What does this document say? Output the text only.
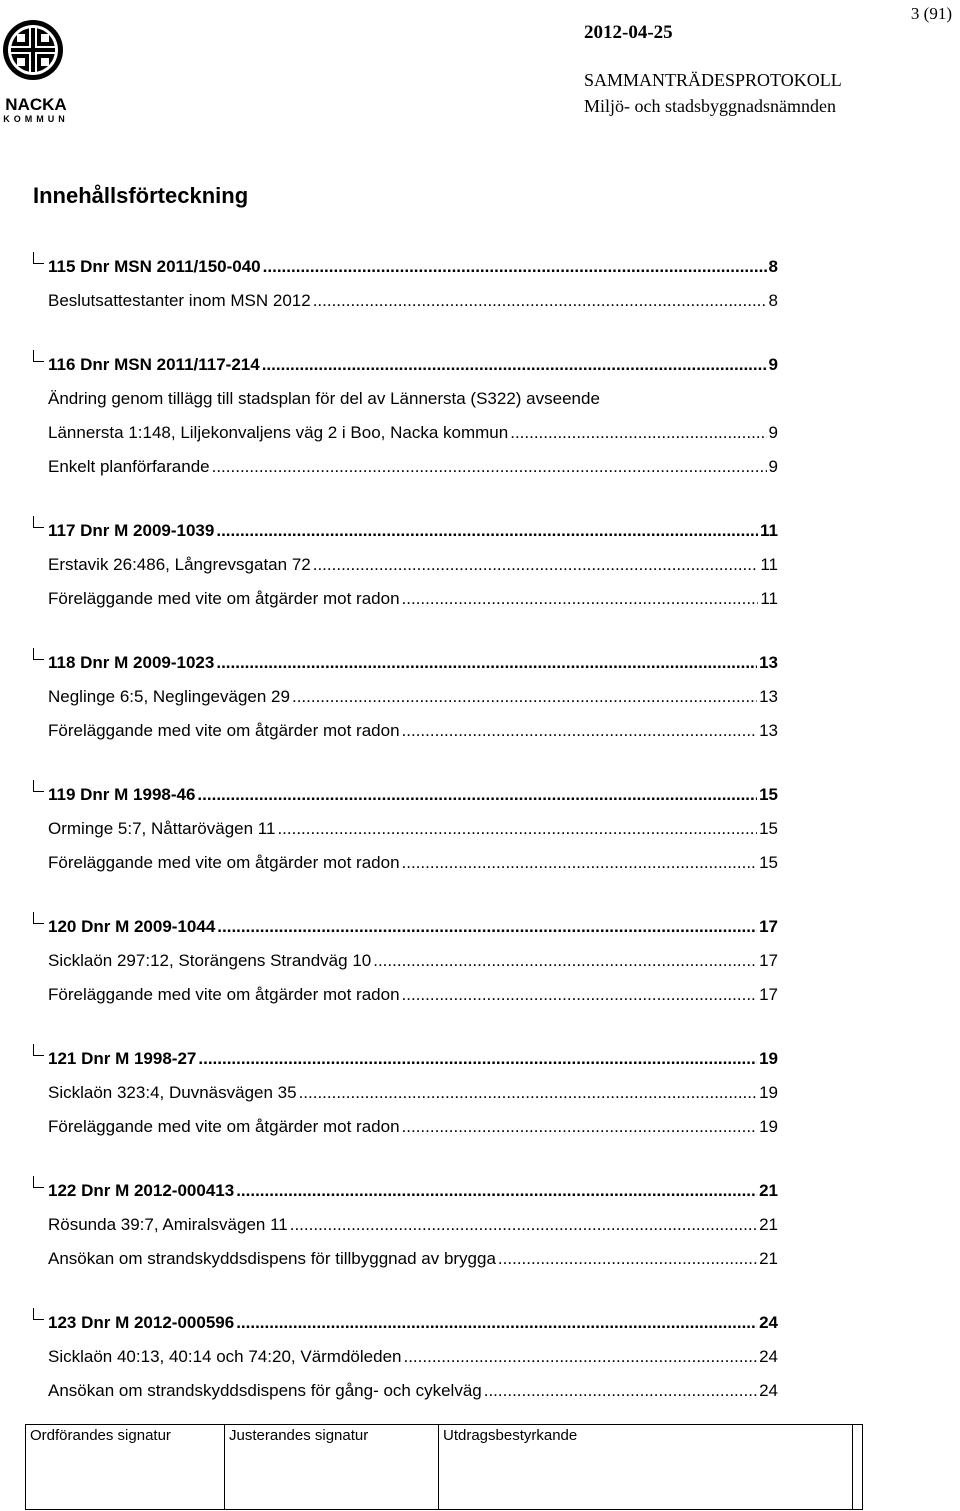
NACKA
KOMMUN
3 (91)
2012-04-25
SAMMANTRÄDESPROTOKOLL
Miljö- och stadsbyggnadsnämnden
Innehållsförteckning
115 Dnr MSN 2011/150-040 .....	8
Beslutsattestanter inom MSN 2012 .....	8
116 Dnr MSN 2011/117-214 .....	9
Ändring genom tillägg till stadsplan för del av Lännersta (S322) avseende
Lännersta 1:148, Liljekonvaljens väg 2 i Boo, Nacka kommun .....	9
Enkelt planförfarande .....	9
117 Dnr M 2009-1039 .....	11
Erstavik 26:486, Långrevsgatan 72 .....	11
Föreläggande med vite om åtgärder mot radon .....	11
118 Dnr M 2009-1023 .....	13
Neglinge 6:5, Neglingevägen 29 .....	13
Föreläggande med vite om åtgärder mot radon .....	13
119 Dnr M 1998-46 .....	15
Orminge 5:7, Nåttarövägen 11 .....	15
Föreläggande med vite om åtgärder mot radon .....	15
120 Dnr M 2009-1044 .....	17
Sicklaön 297:12, Storängens Strandväg 10 .....	17
Föreläggande med vite om åtgärder mot radon .....	17
121 Dnr M 1998-27 .....	19
Sicklaön 323:4, Duvnäsvägen 35 .....	19
Föreläggande med vite om åtgärder mot radon .....	19
122 Dnr M 2012-000413 .....	21
Rösunda 39:7, Amiralsvägen 11 .....	21
Ansökan om strandskyddsdispens för tillbyggnad av brygga .....	21
123 Dnr M 2012-000596 .....	24
Sicklaön 40:13, 40:14 och 74:20, Värmdöleden .....	24
Ansökan om strandskyddsdispens för gång- och cykelväg .....	24
Ordförandes signatur	Justerandes signatur	Utdragsbestyrkande	
